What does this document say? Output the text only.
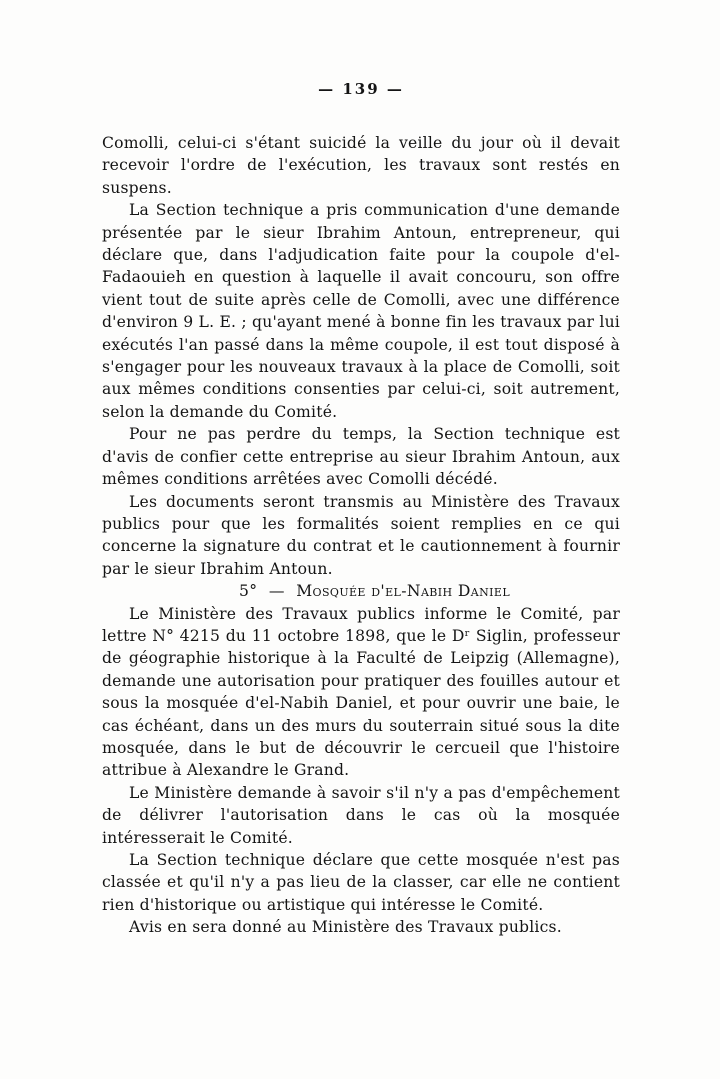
— 139 —

Comolli, celui-ci s'étant suicidé la veille du jour où il devait recevoir l'ordre de l'exécution, les travaux sont restés en suspens.

La Section technique a pris communication d'une demande présentée par le sieur Ibrahim Antoun, entrepreneur, qui déclare que, dans l'adjudication faite pour la coupole d'el-Fadaouieh en question à laquelle il avait concouru, son offre vient tout de suite après celle de Comolli, avec une différence d'environ 9 L. E. ; qu'ayant mené à bonne fin les travaux par lui exécutés l'an passé dans la même coupole, il est tout disposé à s'engager pour les nouveaux travaux à la place de Comolli, soit aux mêmes conditions consenties par celui-ci, soit autrement, selon la demande du Comité.

Pour ne pas perdre du temps, la Section technique est d'avis de confier cette entreprise au sieur Ibrahim Antoun, aux mêmes conditions arrêtées avec Comolli décédé.

Les documents seront transmis au Ministère des Travaux publics pour que les formalités soient remplies en ce qui concerne la signature du contrat et le cautionnement à fournir par le sieur Ibrahim Antoun.

5° — Mosquée d'el-Nabih Daniel

Le Ministère des Travaux publics informe le Comité, par lettre N° 4215 du 11 octobre 1898, que le Dʳ Siglin, professeur de géographie historique à la Faculté de Leipzig (Allemagne), demande une autorisation pour pratiquer des fouilles autour et sous la mosquée d'el-Nabih Daniel, et pour ouvrir une baie, le cas échéant, dans un des murs du souterrain situé sous la dite mosquée, dans le but de découvrir le cercueil que l'histoire attribue à Alexandre le Grand.

Le Ministère demande à savoir s'il n'y a pas d'empêchement de délivrer l'autorisation dans le cas où la mosquée intéresserait le Comité.

La Section technique déclare que cette mosquée n'est pas classée et qu'il n'y a pas lieu de la classer, car elle ne contient rien d'historique ou artistique qui intéresse le Comité.

Avis en sera donné au Ministère des Travaux publics.
